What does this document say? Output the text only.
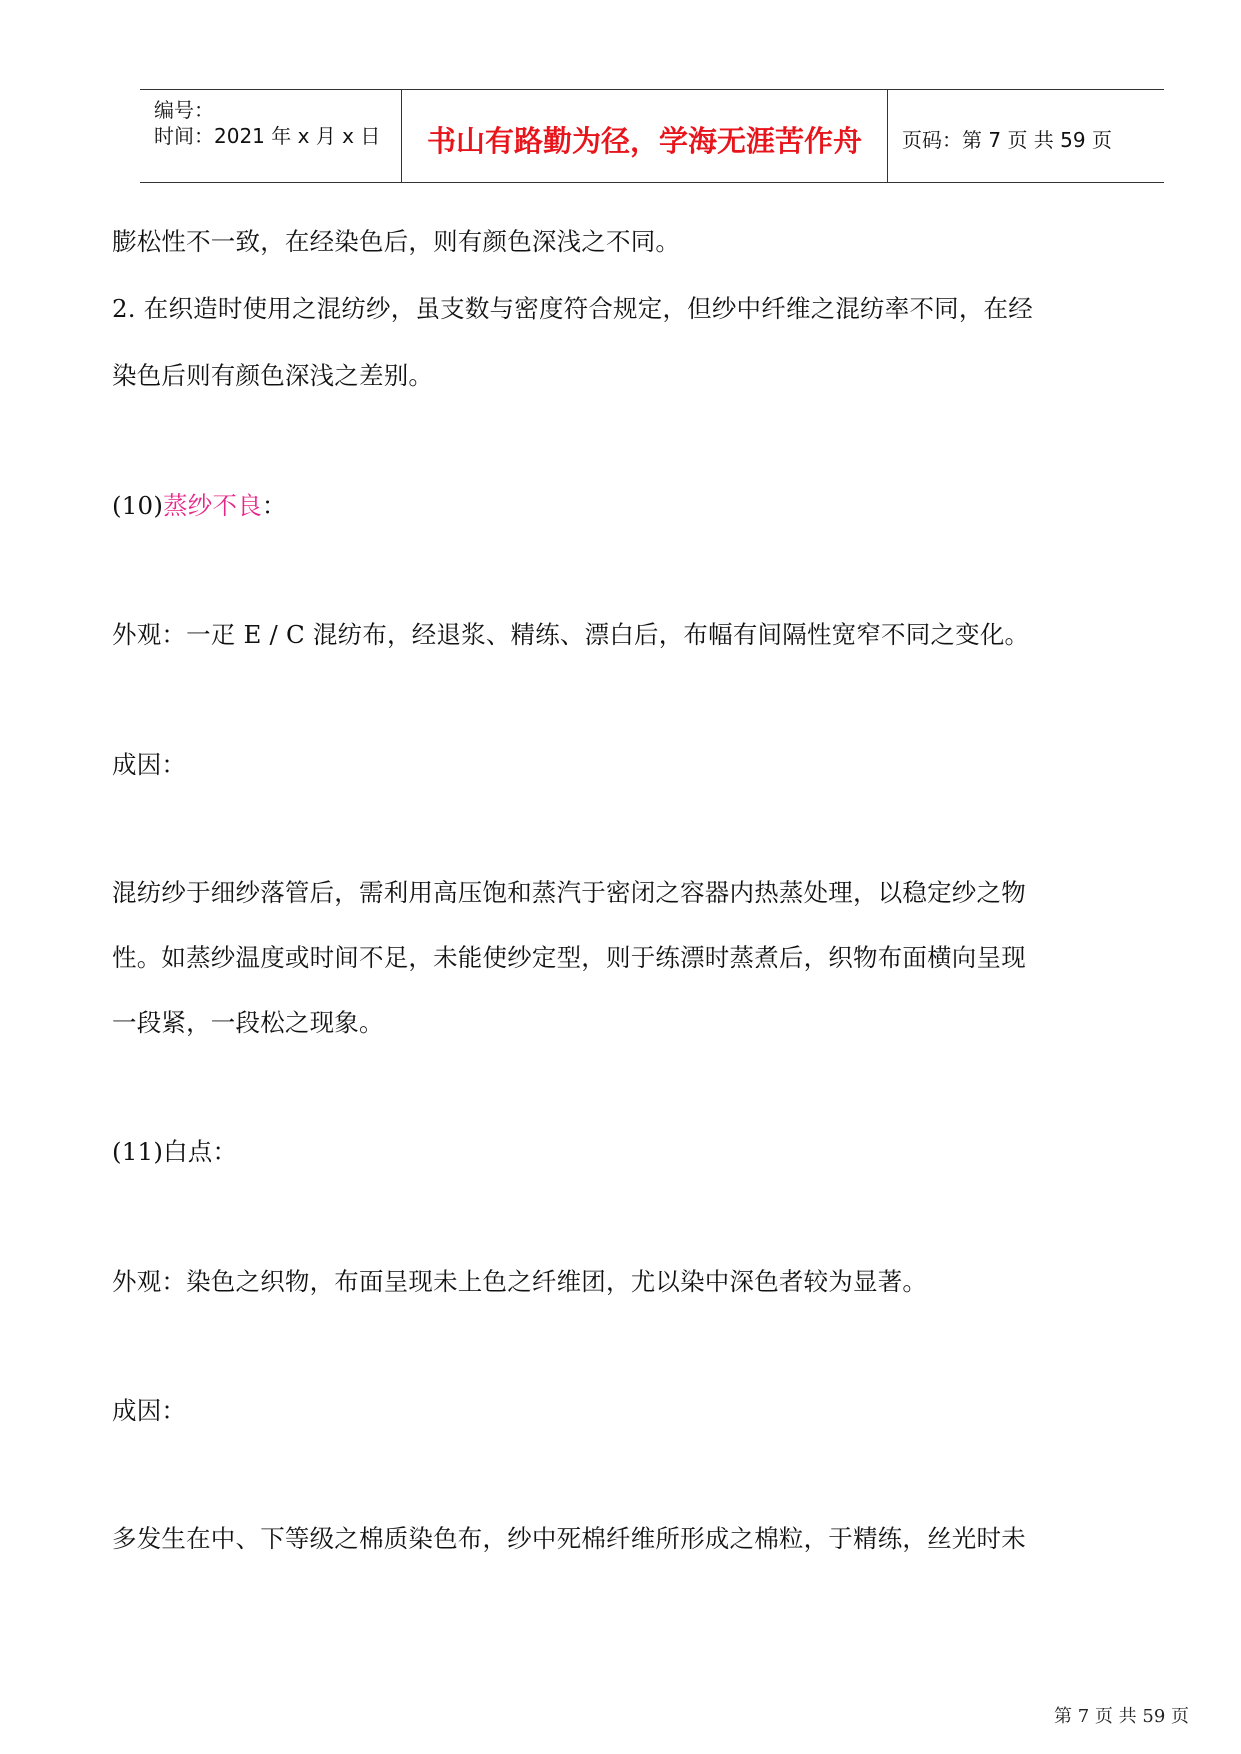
编号：
时间：2021 年 x 月 x 日 书山有路勤为径，学海无涯苦作舟 页码：第 7 页 共 59 页
膨松性不一致，在经染色后，则有颜色深浅之不同。
2. 在织造时使用之混纺纱，虽支数与密度符合规定，但纱中纤维之混纺率不同，在经
染色后则有颜色深浅之差别。
(10)蒸纱不良：
外观：一疋 E / C 混纺布，经退浆、精练、漂白后，布幅有间隔性宽窄不同之变化。
成因：
混纺纱于细纱落管后，需利用高压饱和蒸汽于密闭之容器内热蒸处理，以稳定纱之物
性。如蒸纱温度或时间不足，未能使纱定型，则于练漂时蒸煮后，织物布面横向呈现
一段紧，一段松之现象。
(11)白点：
外观：染色之织物，布面呈现未上色之纤维团，尤以染中深色者较为显著。
成因：
多发生在中、下等级之棉质染色布，纱中死棉纤维所形成之棉粒，于精练，丝光时未
第 7 页 共 59 页
